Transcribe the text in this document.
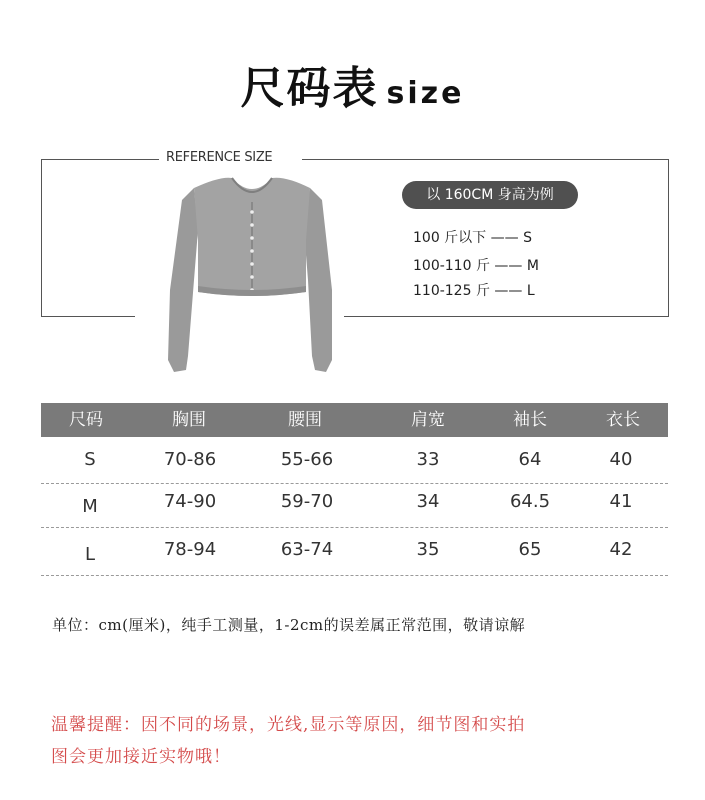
尺码表 size
REFERENCE SIZE
以 160CM 身高为例
100 斤以下 —— S
100-110 斤 —— M
110-125 斤 —— L
尺码	胸围	腰围	肩宽	袖长	衣长
S	70-86	55-66	33	64	40
M	74-90	59-70	34	64.5	41
L	78-94	63-74	35	65	42
单位：cm(厘米)，纯手工测量，1-2cm的误差属正常范围，敬请谅解
温馨提醒：因不同的场景，光线,显示等原因，细节图和实拍
图会更加接近实物哦！
